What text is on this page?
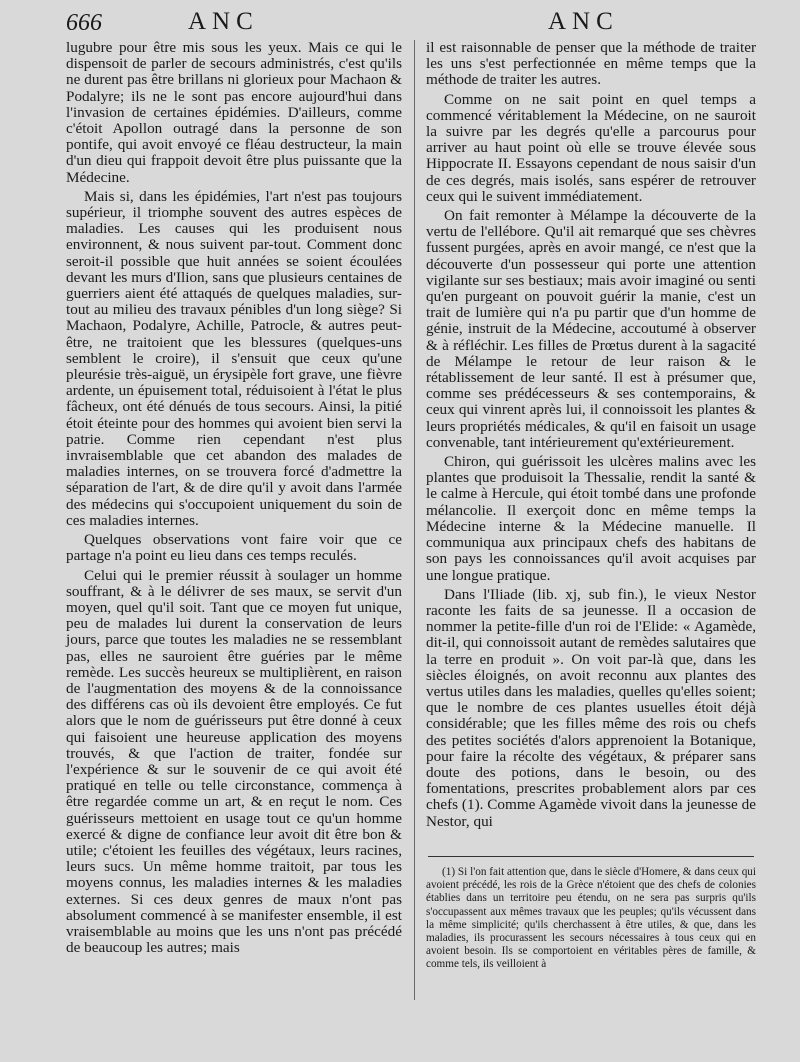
666	ANC	ANC

lugubre pour être mis sous les yeux. Mais ce qui le dispensoit de parler de secours administrés, c'est qu'ils ne durent pas être brillans ni glorieux pour Machaon & Podalyre; ils ne le sont pas encore aujourd'hui dans l'invasion de certaines épidémies. D'ailleurs, comme c'étoit Apollon outragé dans la personne de son pontife, qui avoit envoyé ce fléau destructeur, la main d'un dieu qui frappoit devoit être plus puissante que la Médecine.

Mais si, dans les épidémies, l'art n'est pas toujours supérieur, il triomphe souvent des autres espèces de maladies. Les causes qui les produisent nous environnent, & nous suivent par-tout. Comment donc seroit-il possible que huit années se soient écoulées devant les murs d'Ilion, sans que plusieurs centaines de guerriers aient été attaqués de quelques maladies, sur-tout au milieu des travaux pénibles d'un long siège? Si Machaon, Podalyre, Achille, Patrocle, & autres peut-être, ne traitoient que les blessures (quelques-uns semblent le croire), il s'ensuit que ceux qu'une pleurésie très-aiguë, un érysipèle fort grave, une fièvre ardente, un épuisement total, réduisoient à l'état le plus fâcheux, ont été dénués de tous secours. Ainsi, la pitié étoit éteinte pour des hommes qui avoient bien servi la patrie. Comme rien cependant n'est plus invraisemblable que cet abandon des malades de maladies internes, on se trouvera forcé d'admettre la séparation de l'art, & de dire qu'il y avoit dans l'armée des médecins qui s'occupoient uniquement du soin de ces maladies internes.

Quelques observations vont faire voir que ce partage n'a point eu lieu dans ces temps reculés.

Celui qui le premier réussit à soulager un homme souffrant, & à le délivrer de ses maux, se servit d'un moyen, quel qu'il soit. Tant que ce moyen fut unique, peu de malades lui durent la conservation de leurs jours, parce que toutes les maladies ne se ressemblant pas, elles ne sauroient être guéries par le même remède. Les succès heureux se multiplièrent, en raison de l'augmentation des moyens & de la connoissance des différens cas où ils devoient être employés. Ce fut alors que le nom de guérisseurs put être donné à ceux qui faisoient une heureuse application des moyens trouvés, & que l'action de traiter, fondée sur l'expérience & sur le souvenir de ce qui avoit été pratiqué en telle ou telle circonstance, commença à être regardée comme un art, & en reçut le nom. Ces guérisseurs mettoient en usage tout ce qu'un homme exercé & digne de confiance leur avoit dit être bon & utile; c'étoient les feuilles des végétaux, leurs racines, leurs sucs. Un même homme traitoit, par tous les moyens connus, les maladies internes & les maladies externes. Si ces deux genres de maux n'ont pas absolument commencé à se manifester ensemble, il est vraisemblable au moins que les uns n'ont pas précédé de beaucoup les autres; mais

il est raisonnable de penser que la méthode de traiter les uns s'est perfectionnée en même temps que la méthode de traiter les autres.

Comme on ne sait point en quel temps a commencé véritablement la Médecine, on ne sauroit la suivre par les degrés qu'elle a parcourus pour arriver au haut point où elle se trouve élevée sous Hippocrate II. Essayons cependant de nous saisir d'un de ces degrés, mais isolés, sans espérer de retrouver ceux qui le suivent immédiatement.

On fait remonter à Mélampe la découverte de la vertu de l'ellébore. Qu'il ait remarqué que ses chèvres fussent purgées, après en avoir mangé, ce n'est que la découverte d'un possesseur qui porte une attention vigilante sur ses bestiaux; mais avoir imaginé ou senti qu'en purgeant on pouvoit guérir la manie, c'est un trait de lumière qui n'a pu partir que d'un homme de génie, instruit de la Médecine, accoutumé à observer & à réfléchir. Les filles de Prœtus durent à la sagacité de Mélampe le retour de leur raison & le rétablissement de leur santé. Il est à présumer que, comme ses prédécesseurs & ses contemporains, & ceux qui vinrent après lui, il connoissoit les plantes & leurs propriétés médicales, & qu'il en faisoit un usage convenable, tant intérieurement qu'extérieurement.

Chiron, qui guérissoit les ulcères malins avec les plantes que produisoit la Thessalie, rendit la santé & le calme à Hercule, qui étoit tombé dans une profonde mélancolie. Il exerçoit donc en même temps la Médecine interne & la Médecine manuelle. Il communiqua aux principaux chefs des habitans de son pays les connoissances qu'il avoit acquises par une longue pratique.

Dans l'Iliade (lib. xj, sub fin.), le vieux Nestor raconte les faits de sa jeunesse. Il a occasion de nommer la petite-fille d'un roi de l'Elide: « Agamède, dit-il, qui connoissoit autant de remèdes salutaires que la terre en produit ». On voit par-là que, dans les siècles éloignés, on avoit reconnu aux plantes des vertus utiles dans les maladies, quelles qu'elles soient; que le nombre de ces plantes usuelles étoit déjà considérable; que les filles même des rois ou chefs des petites sociétés d'alors apprenoient la Botanique, pour faire la récolte des végétaux, & préparer sans doute des potions, dans le besoin, ou des fomentations, prescrites probablement alors par ces chefs (1). Comme Agamède vivoit dans la jeunesse de Nestor, qui

(1) Si l'on fait attention que, dans le siècle d'Homere, & dans ceux qui avoient précédé, les rois de la Grèce n'étoient que des chefs de colonies établies dans un territoire peu étendu, on ne sera pas surpris qu'ils s'occupassent aux mêmes travaux que les peuples; qu'ils vécussent dans la même simplicité; qu'ils cherchassent à être utiles, & que, dans les maladies, ils procurassent les secours nécessaires à tous ceux qui en avoient besoin. Ils se comportoient en véritables pères de famille, & comme tels, ils veilloient à
